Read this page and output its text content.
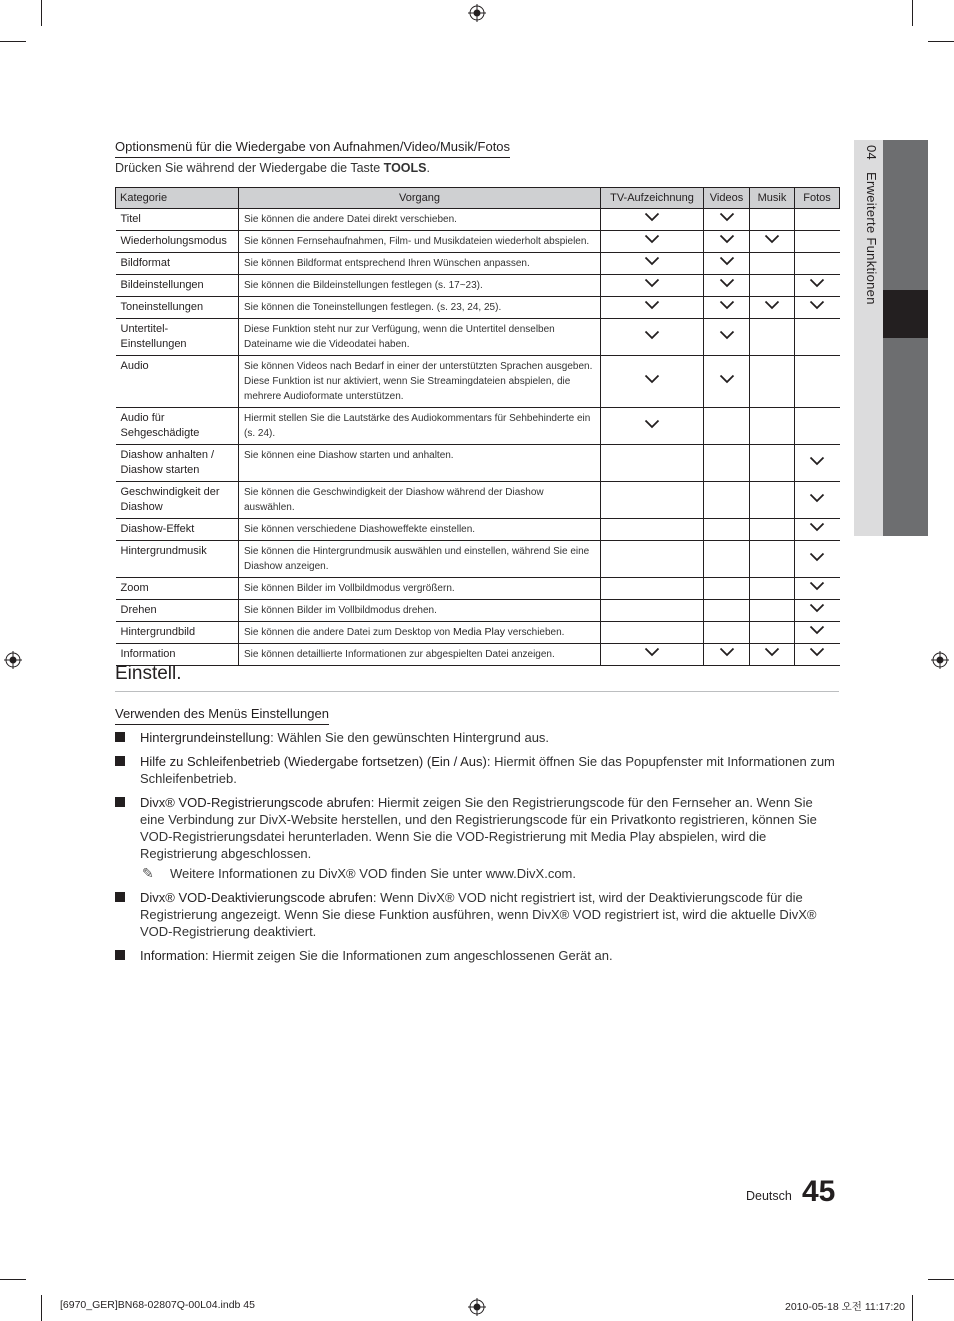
04 Erweiterte Funktionen
Optionsmenü für die Wiedergabe von Aufnahmen/Video/Musik/Fotos
Drücken Sie während der Wiedergabe die Taste TOOLS.
Kategorie	Vorgang	TV-Aufzeichnung	Videos	Musik	Fotos
Titel	Sie können die andere Datei direkt verschieben.				
Wiederholungsmodus	Sie können Fernsehaufnahmen, Film- und Musikdateien wiederholt abspielen.				
Bildformat	Sie können Bildformat entsprechend Ihren Wünschen anpassen.				
Bildeinstellungen	Sie können die Bildeinstellungen festlegen (s. 17~23).				
Toneinstellungen	Sie können die Toneinstellungen festlegen. (s. 23, 24, 25).				
Untertitel-Einstellungen	Diese Funktion steht nur zur Verfügung, wenn die Untertitel denselben Dateiname wie die Videodatei haben.				
Audio	Sie können Videos nach Bedarf in einer der unterstützten Sprachen ausgeben. Diese Funktion ist nur aktiviert, wenn Sie Streamingdateien abspielen, die mehrere Audioformate unterstützen.				
Audio für Sehgeschädigte	Hiermit stellen Sie die Lautstärke des Audiokommentars für Sehbehinderte ein (s. 24).				
Diashow anhalten / Diashow starten	Sie können eine Diashow starten und anhalten.				
Geschwindigkeit der Diashow	Sie können die Geschwindigkeit der Diashow während der Diashow auswählen.				
Diashow-Effekt	Sie können verschiedene Diashoweffekte einstellen.				
Hintergrundmusik	Sie können die Hintergrundmusik auswählen und einstellen, während Sie eine Diashow anzeigen.				
Zoom	Sie können Bilder im Vollbildmodus vergrößern.				
Drehen	Sie können Bilder im Vollbildmodus drehen.				
Hintergrundbild	Sie können die andere Datei zum Desktop von Media Play verschieben.				
Information	Sie können detaillierte Informationen zur abgespielten Datei anzeigen.				
Einstell.
Verwenden des Menüs Einstellungen
Hintergrundeinstellung: Wählen Sie den gewünschten Hintergrund aus.
Hilfe zu Schleifenbetrieb (Wiedergabe fortsetzen) (Ein / Aus): Hiermit öffnen Sie das Popupfenster mit Informationen zum Schleifenbetrieb.
Divx® VOD-Registrierungscode abrufen: Hiermit zeigen Sie den Registrierungscode für den Fernseher an. Wenn Sie eine Verbindung zur DivX-Website herstellen, und den Registrierungscode für ein Privatkonto registrieren, können Sie VOD-Registrierungsdatei herunterladen. Wenn Sie die VOD-Registrierung mit Media Play abspielen, wird die Registrierung abgeschlossen.
✎ Weitere Informationen zu DivX® VOD finden Sie unter www.DivX.com.
Divx® VOD-Deaktivierungscode abrufen: Wenn DivX® VOD nicht registriert ist, wird der Deaktivierungscode für die Registrierung angezeigt. Wenn Sie diese Funktion ausführen, wenn DivX® VOD registriert ist, wird die aktuelle DivX® VOD-Registrierung deaktiviert.
Information: Hiermit zeigen Sie die Informationen zum angeschlossenen Gerät an.
Deutsch 45
[6970_GER]BN68-02807Q-00L04.indb 45	2010-05-18 오전 11:17:20
